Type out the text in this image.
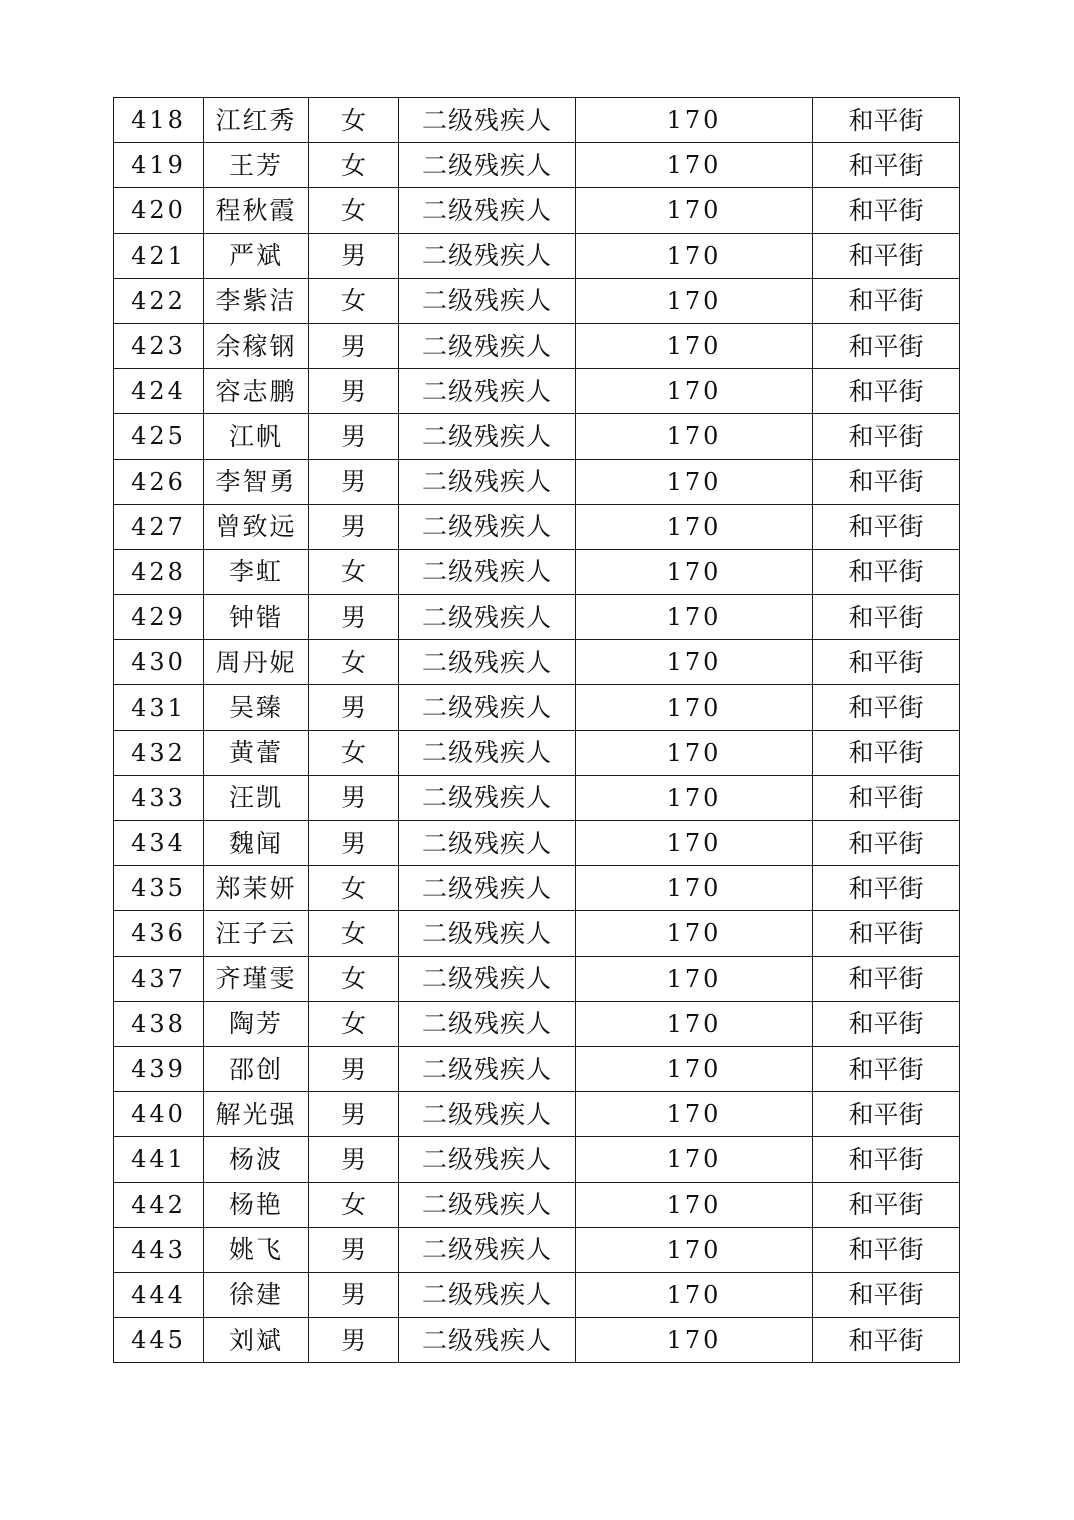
418	江红秀	女	二级残疾人	170	和平街
419	王芳	女	二级残疾人	170	和平街
420	程秋霞	女	二级残疾人	170	和平街
421	严斌	男	二级残疾人	170	和平街
422	李紫洁	女	二级残疾人	170	和平街
423	余稼钢	男	二级残疾人	170	和平街
424	容志鹏	男	二级残疾人	170	和平街
425	江帆	男	二级残疾人	170	和平街
426	李智勇	男	二级残疾人	170	和平街
427	曾致远	男	二级残疾人	170	和平街
428	李虹	女	二级残疾人	170	和平街
429	钟锴	男	二级残疾人	170	和平街
430	周丹妮	女	二级残疾人	170	和平街
431	吴臻	男	二级残疾人	170	和平街
432	黄蕾	女	二级残疾人	170	和平街
433	汪凯	男	二级残疾人	170	和平街
434	魏闻	男	二级残疾人	170	和平街
435	郑茉妍	女	二级残疾人	170	和平街
436	汪子云	女	二级残疾人	170	和平街
437	齐瑾雯	女	二级残疾人	170	和平街
438	陶芳	女	二级残疾人	170	和平街
439	邵创	男	二级残疾人	170	和平街
440	解光强	男	二级残疾人	170	和平街
441	杨波	男	二级残疾人	170	和平街
442	杨艳	女	二级残疾人	170	和平街
443	姚飞	男	二级残疾人	170	和平街
444	徐建	男	二级残疾人	170	和平街
445	刘斌	男	二级残疾人	170	和平街
